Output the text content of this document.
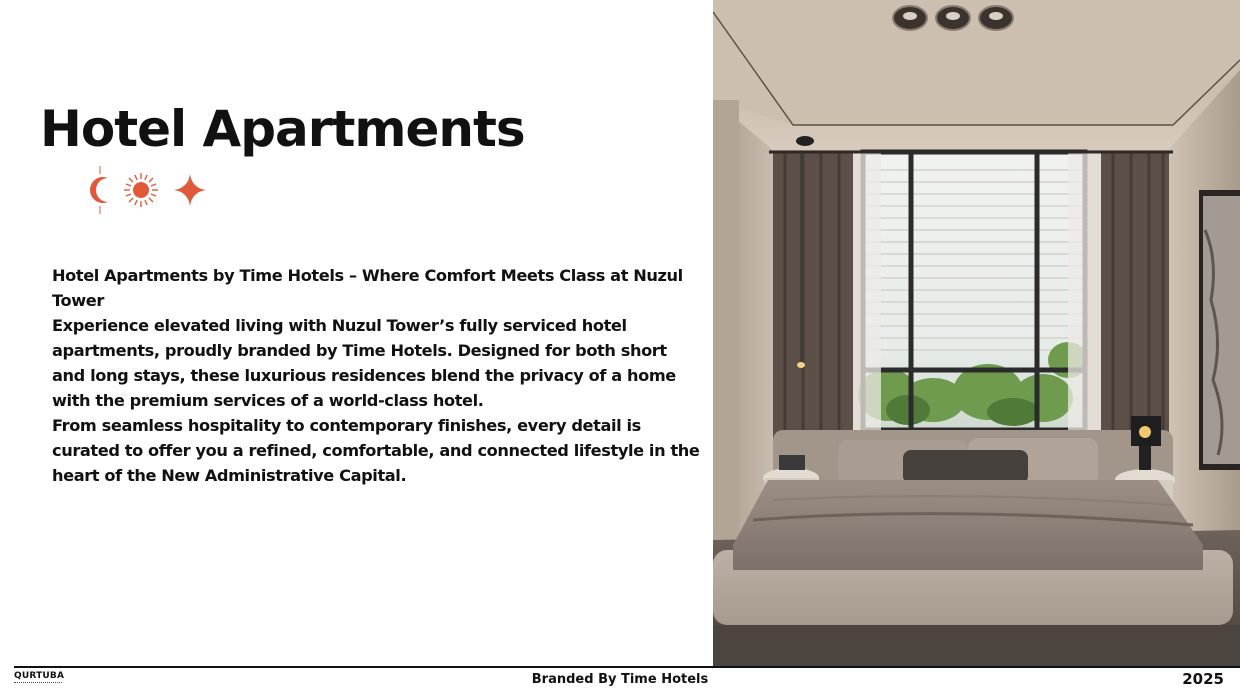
Hotel Apartments

Hotel Apartments by Time Hotels – Where Comfort Meets Class at Nuzul Tower

Experience elevated living with Nuzul Tower’s fully serviced hotel apartments, proudly branded by Time Hotels. Designed for both short and long stays, these luxurious residences blend the privacy of a home with the premium services of a world-class hotel.

From seamless hospitality to contemporary finishes, every detail is curated to offer you a refined, comfortable, and connected lifestyle in the heart of the New Administrative Capital.

QURTUBA	Branded By Time Hotels	2025
